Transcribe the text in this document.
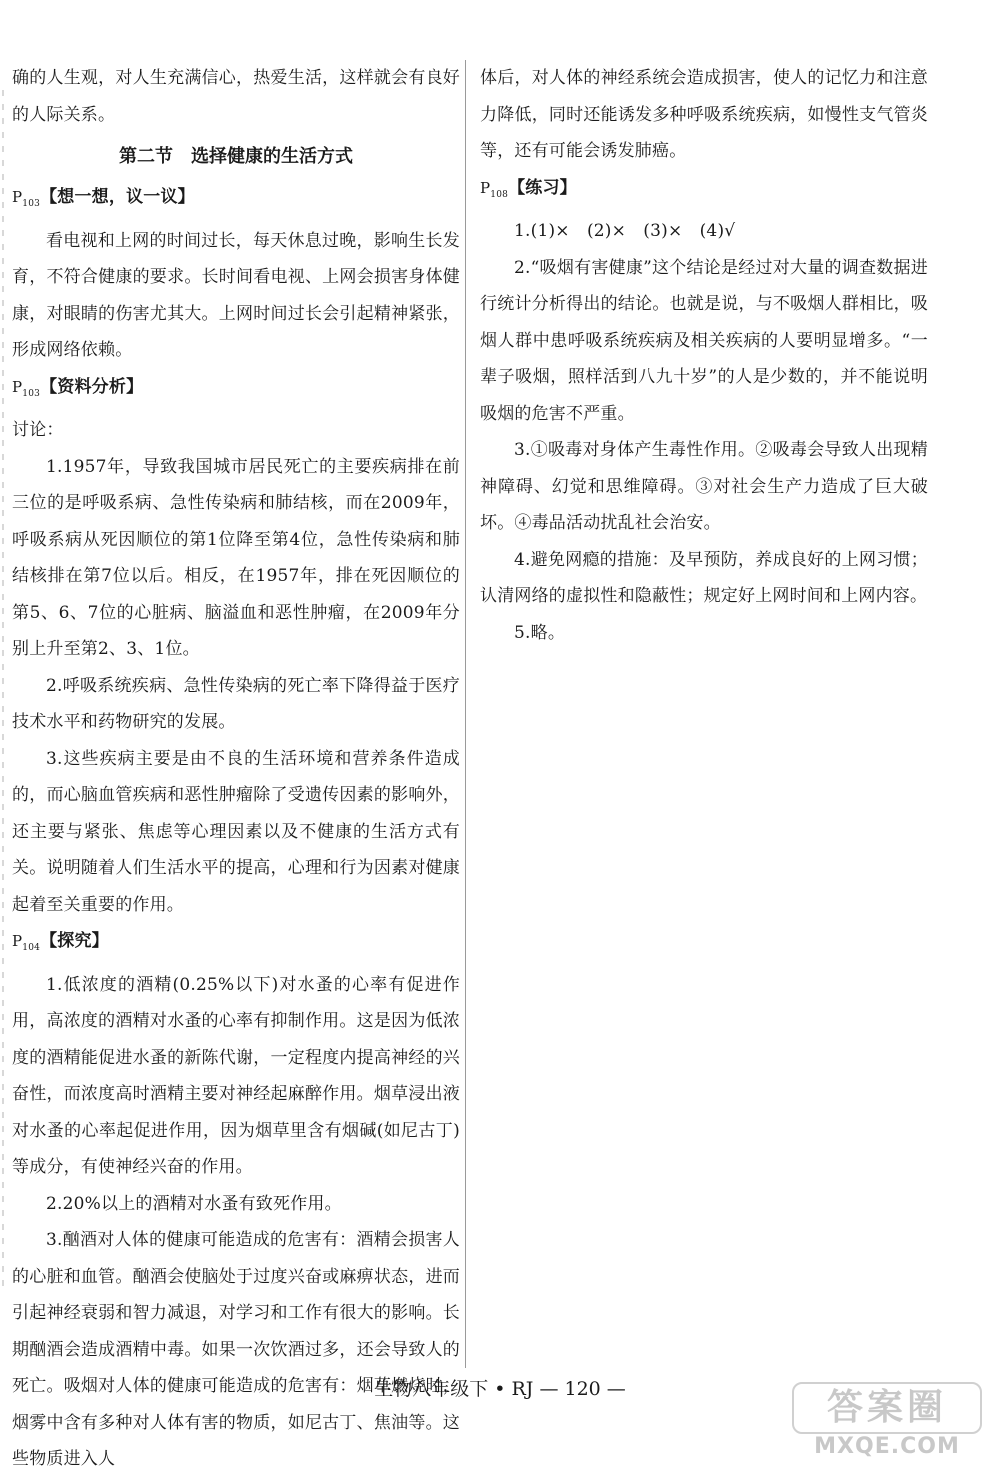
确的人生观，对人生充满信心，热爱生活，这样就会有良好的人际关系。

第二节　选择健康的生活方式

$P_{103}$【想一想，议一议】

看电视和上网的时间过长，每天休息过晚，影响生长发育，不符合健康的要求。长时间看电视、上网会损害身体健康，对眼睛的伤害尤其大。上网时间过长会引起精神紧张，形成网络依赖。

$P_{103}$【资料分析】

讨论：

1.1957年，导致我国城市居民死亡的主要疾病排在前三位的是呼吸系病、急性传染病和肺结核，而在2009年，呼吸系病从死因顺位的第1位降至第4位，急性传染病和肺结核排在第7位以后。相反，在1957年，排在死因顺位的第5、6、7位的心脏病、脑溢血和恶性肿瘤，在2009年分别上升至第2、3、1位。

2.呼吸系统疾病、急性传染病的死亡率下降得益于医疗技术水平和药物研究的发展。

3.这些疾病主要是由不良的生活环境和营养条件造成的，而心脑血管疾病和恶性肿瘤除了受遗传因素的影响外，还主要与紧张、焦虑等心理因素以及不健康的生活方式有关。说明随着人们生活水平的提高，心理和行为因素对健康起着至关重要的作用。

$P_{104}$【探究】

1.低浓度的酒精(0.25%以下)对水蚤的心率有促进作用，高浓度的酒精对水蚤的心率有抑制作用。这是因为低浓度的酒精能促进水蚤的新陈代谢，一定程度内提高神经的兴奋性，而浓度高时酒精主要对神经起麻醉作用。烟草浸出液对水蚤的心率起促进作用，因为烟草里含有烟碱(如尼古丁)等成分，有使神经兴奋的作用。

2.20%以上的酒精对水蚤有致死作用。

3.酗酒对人体的健康可能造成的危害有：酒精会损害人的心脏和血管。酗酒会使脑处于过度兴奋或麻痹状态，进而引起神经衰弱和智力减退，对学习和工作有很大的影响。长期酗酒会造成酒精中毒。如果一次饮酒过多，还会导致人的死亡。吸烟对人体的健康可能造成的危害有：烟草燃烧时，烟雾中含有多种对人体有害的物质，如尼古丁、焦油等。这些物质进入人

体后，对人体的神经系统会造成损害，使人的记忆力和注意力降低，同时还能诱发多种呼吸系统疾病，如慢性支气管炎等，还有可能会诱发肺癌。

$P_{108}$【练习】

1.(1)×　(2)×　(3)×　(4)√

2.“吸烟有害健康”这个结论是经过对大量的调查数据进行统计分析得出的结论。也就是说，与不吸烟人群相比，吸烟人群中患呼吸系统疾病及相关疾病的人要明显增多。“一辈子吸烟，照样活到八九十岁”的人是少数的，并不能说明吸烟的危害不严重。

3.①吸毒对身体产生毒性作用。②吸毒会导致人出现精神障碍、幻觉和思维障碍。③对社会生产力造成了巨大破坏。④毒品活动扰乱社会治安。

4.避免网瘾的措施：及早预防，养成良好的上网习惯；认清网络的虚拟性和隐蔽性；规定好上网时间和上网内容。

5.略。

生物八年级下 • RJ — 120 —	答案圈
MXQE.COM
